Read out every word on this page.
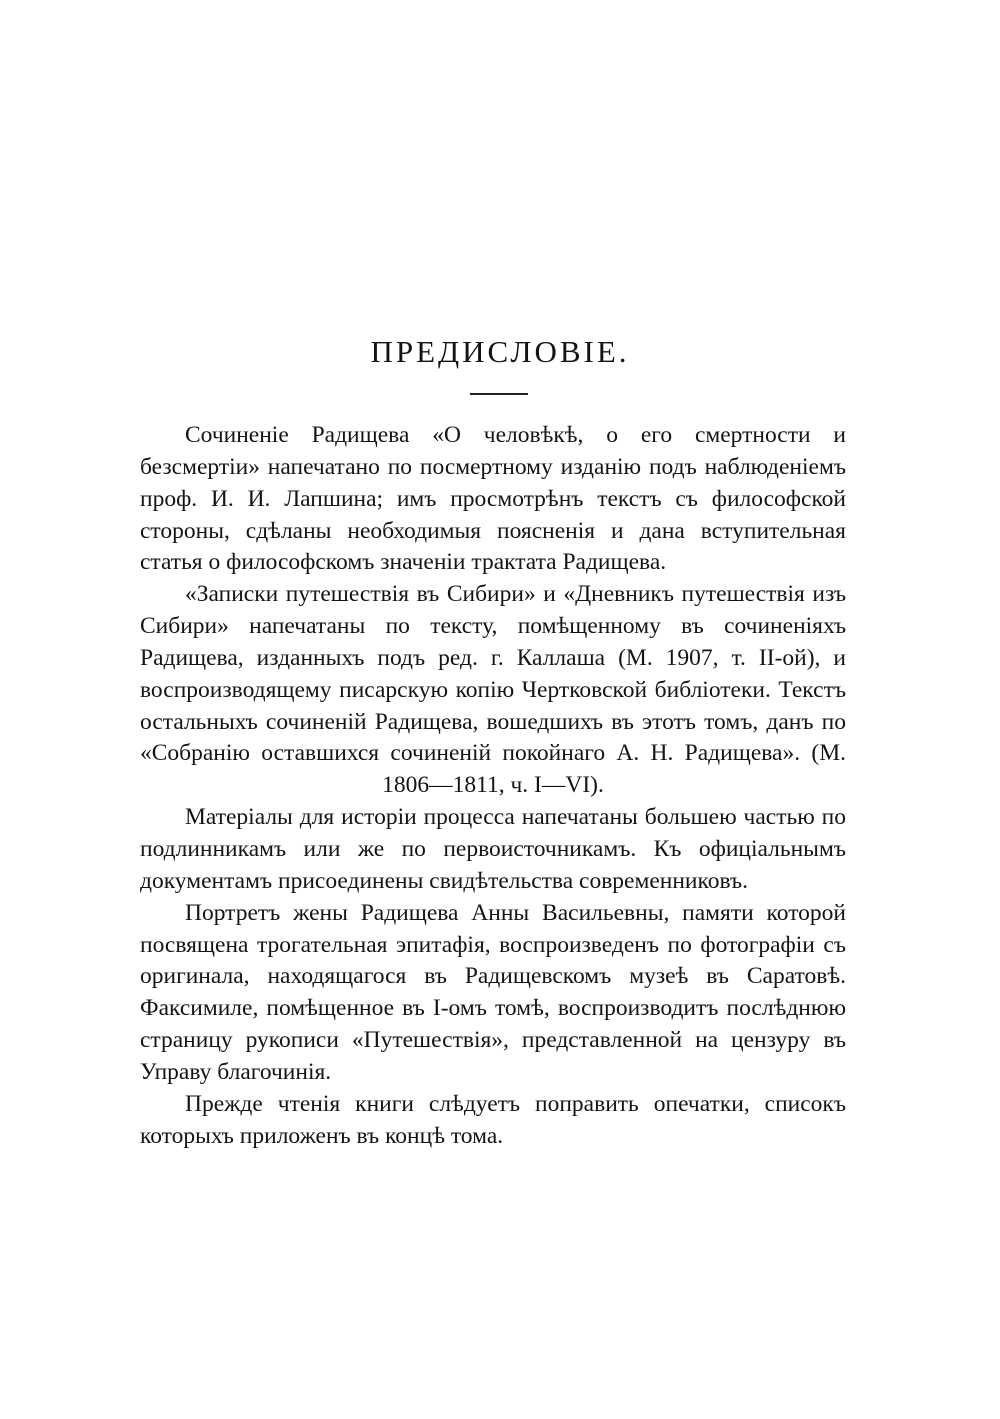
ПРЕДИСЛОВІЕ.

Сочиненіе Радищева «О человѣкѣ, о его смертности и безсмертіи» напечатано по посмертному изданію подъ наблюденіемъ проф. И. И. Лапшина; имъ просмотрѣнъ текстъ съ философской стороны, сдѣланы необходимыя поясненія и дана вступительная статья о философскомъ значеніи трактата Радищева.

«Записки путешествія въ Сибири» и «Дневникъ путешествія изъ Сибири» напечатаны по тексту, помѣщенному въ сочиненіяхъ Радищева, изданныхъ подъ ред. г. Каллаша (М. 1907, т. II-ой), и воспроизводящему писарскую копію Чертковской библіотеки. Текстъ остальныхъ сочиненій Радищева, вошедшихъ въ этотъ томъ, данъ по «Собранію оставшихся сочиненій покойнаго А. Н. Радищева». (М. 1806—1811, ч. I—VI).

Матеріалы для исторіи процесса напечатаны большею частью по подлинникамъ или же по первоисточникамъ. Къ офиціальнымъ документамъ присоединены свидѣтельства современниковъ.

Портретъ жены Радищева Анны Васильевны, памяти которой посвящена трогательная эпитафія, воспроизведенъ по фотографіи съ оригинала, находящагося въ Радищевскомъ музеѣ въ Саратовѣ. Факсимиле, помѣщенное въ I-омъ томѣ, воспроизводитъ послѣднюю страницу рукописи «Путешествія», представленной на цензуру въ Управу благочинія.

Прежде чтенія книги слѣдуетъ поправить опечатки, списокъ которыхъ приложенъ въ концѣ тома.
